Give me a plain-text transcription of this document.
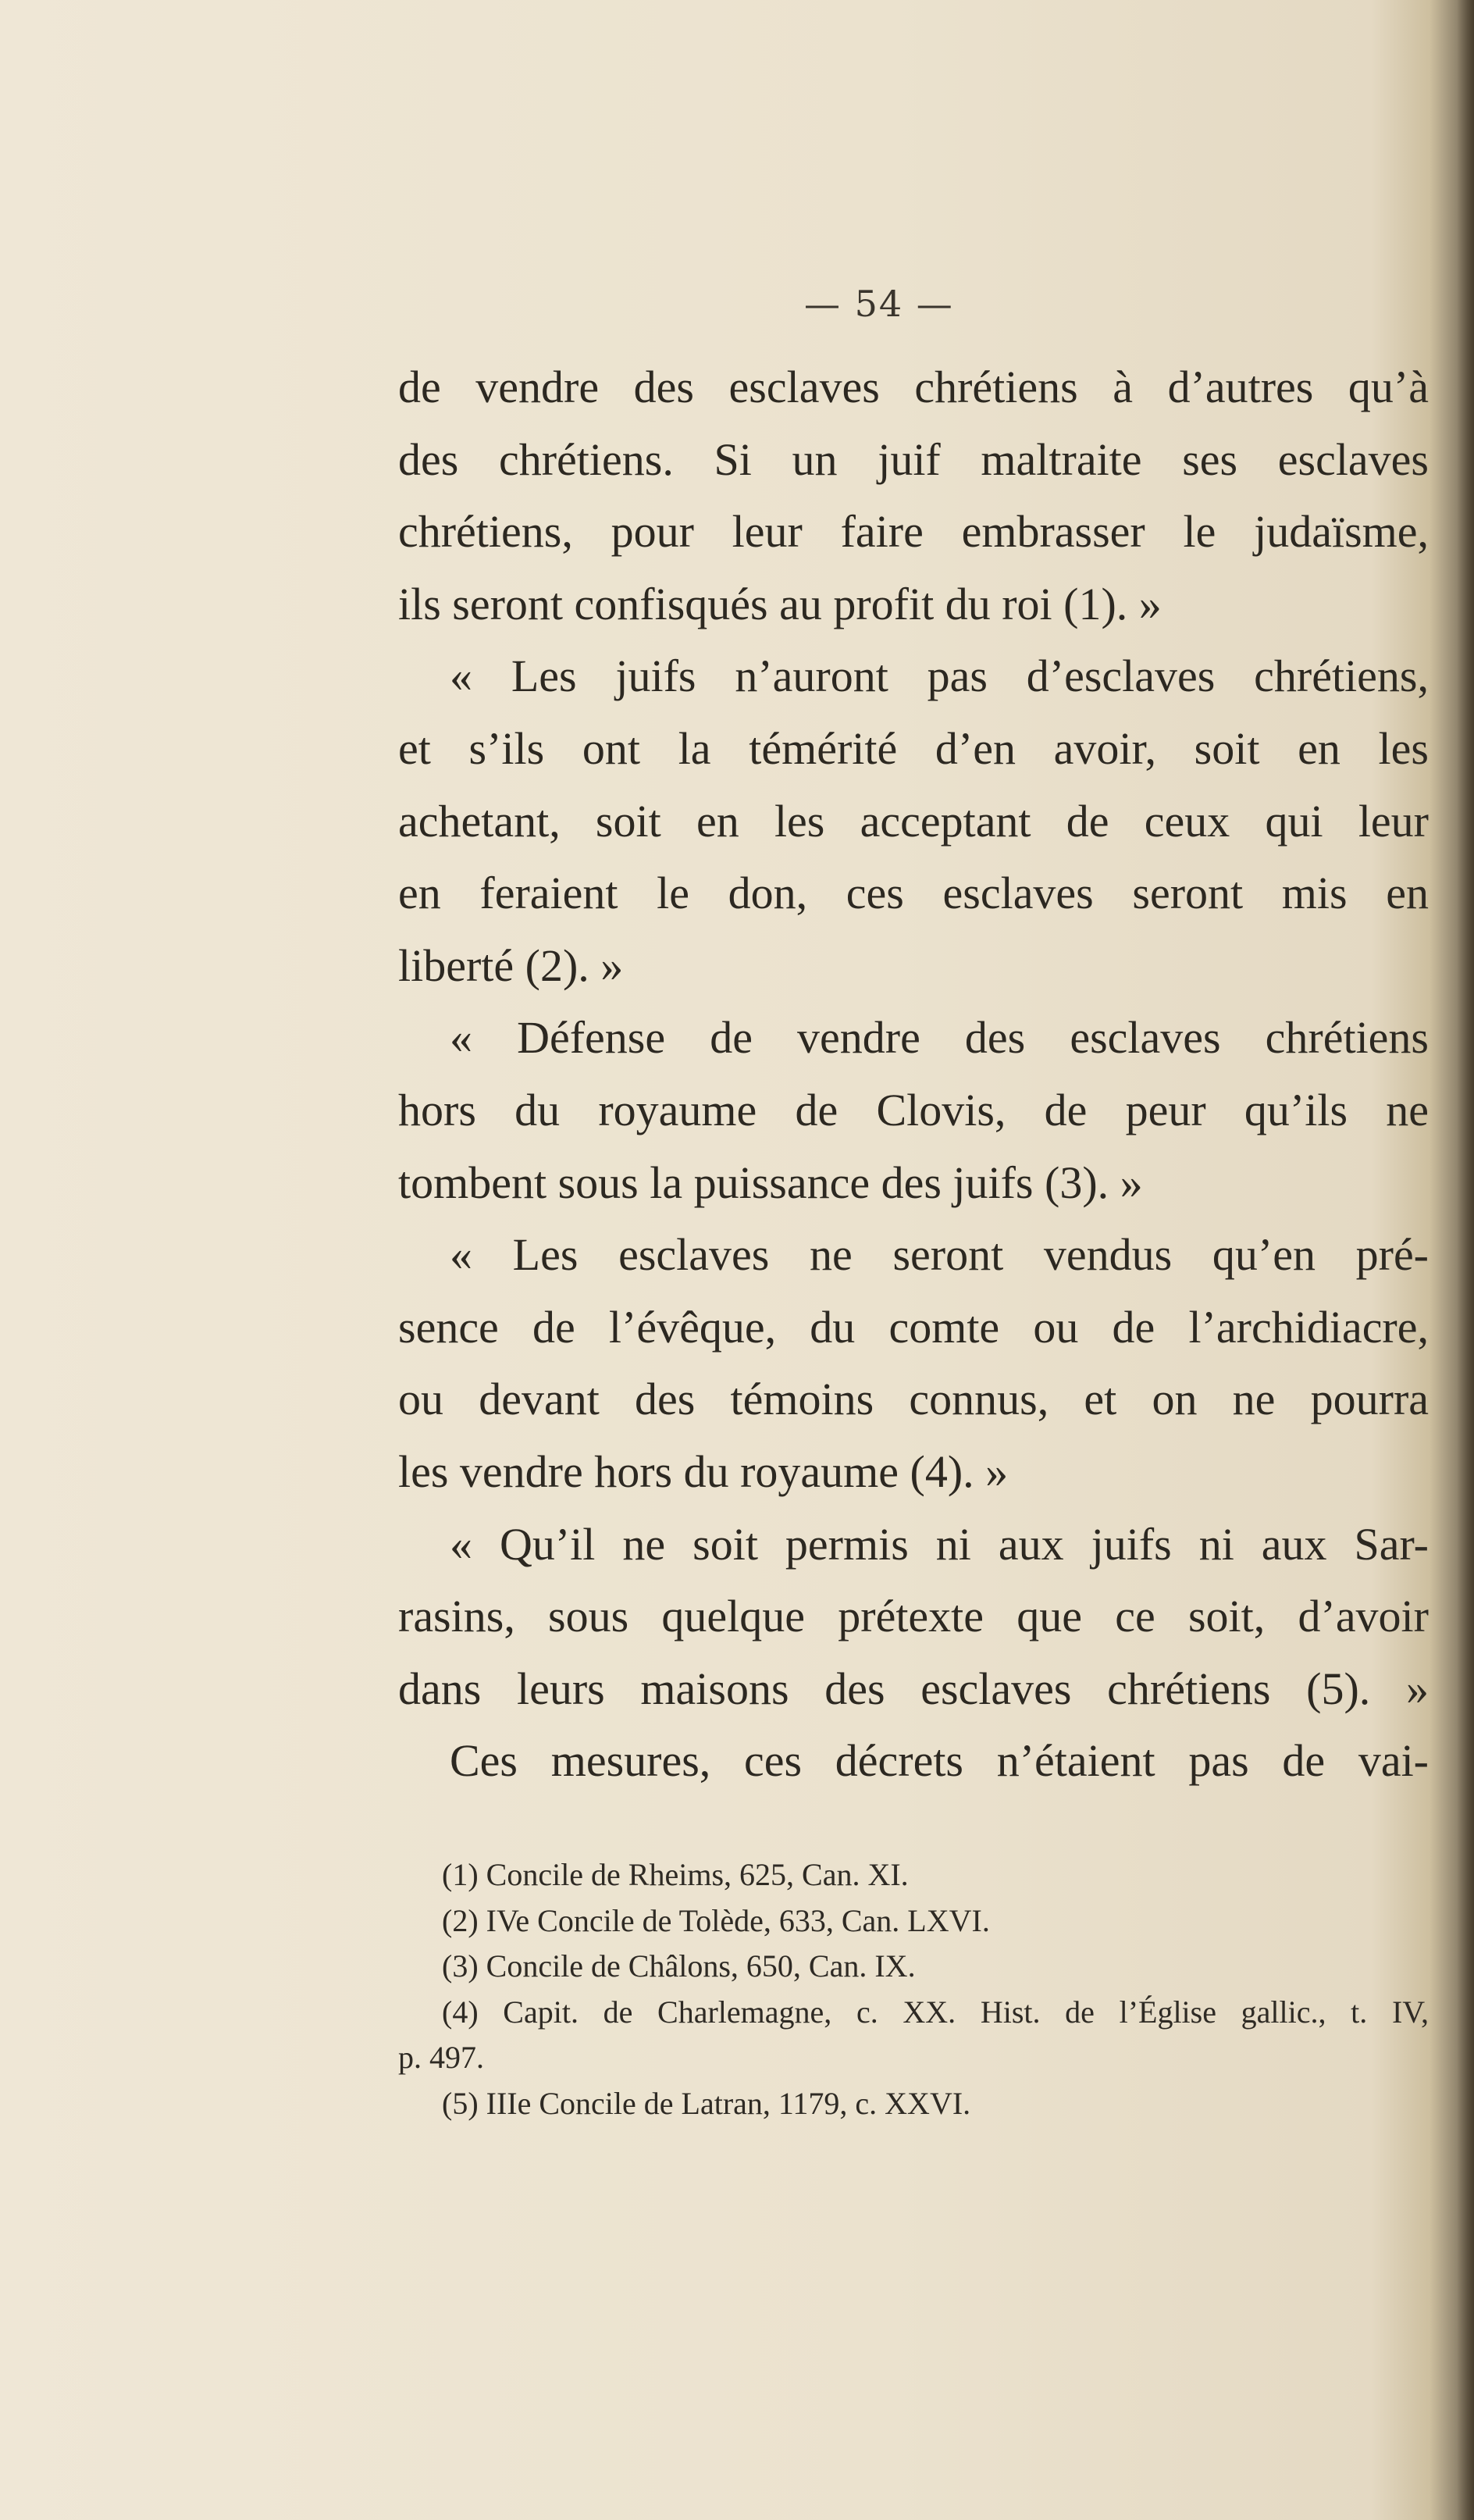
— 54 —
de vendre des esclaves chrétiens à d’autres qu’à
des chrétiens. Si un juif maltraite ses esclaves
chrétiens, pour leur faire embrasser le judaïsme,
ils seront confisqués au profit du roi (1). »
« Les juifs n’auront pas d’esclaves chrétiens,
et s’ils ont la témérité d’en avoir, soit en les
achetant, soit en les acceptant de ceux qui leur
en feraient le don, ces esclaves seront mis en
liberté (2). »
« Défense de vendre des esclaves chrétiens
hors du royaume de Clovis, de peur qu’ils ne
tombent sous la puissance des juifs (3). »
« Les esclaves ne seront vendus qu’en pré-
sence de l’évêque, du comte ou de l’archidiacre,
ou devant des témoins connus, et on ne pourra
les vendre hors du royaume (4). »
« Qu’il ne soit permis ni aux juifs ni aux Sar-
rasins, sous quelque prétexte que ce soit, d’avoir
dans leurs maisons des esclaves chrétiens (5). »
Ces mesures, ces décrets n’étaient pas de vai-
(1) Concile de Rheims, 625, Can. XI.
(2) IVe Concile de Tolède, 633, Can. LXVI.
(3) Concile de Châlons, 650, Can. IX.
(4) Capit. de Charlemagne, c. XX. Hist. de l’Église gallic., t. IV,
p. 497.
(5) IIIe Concile de Latran, 1179, c. XXVI.
